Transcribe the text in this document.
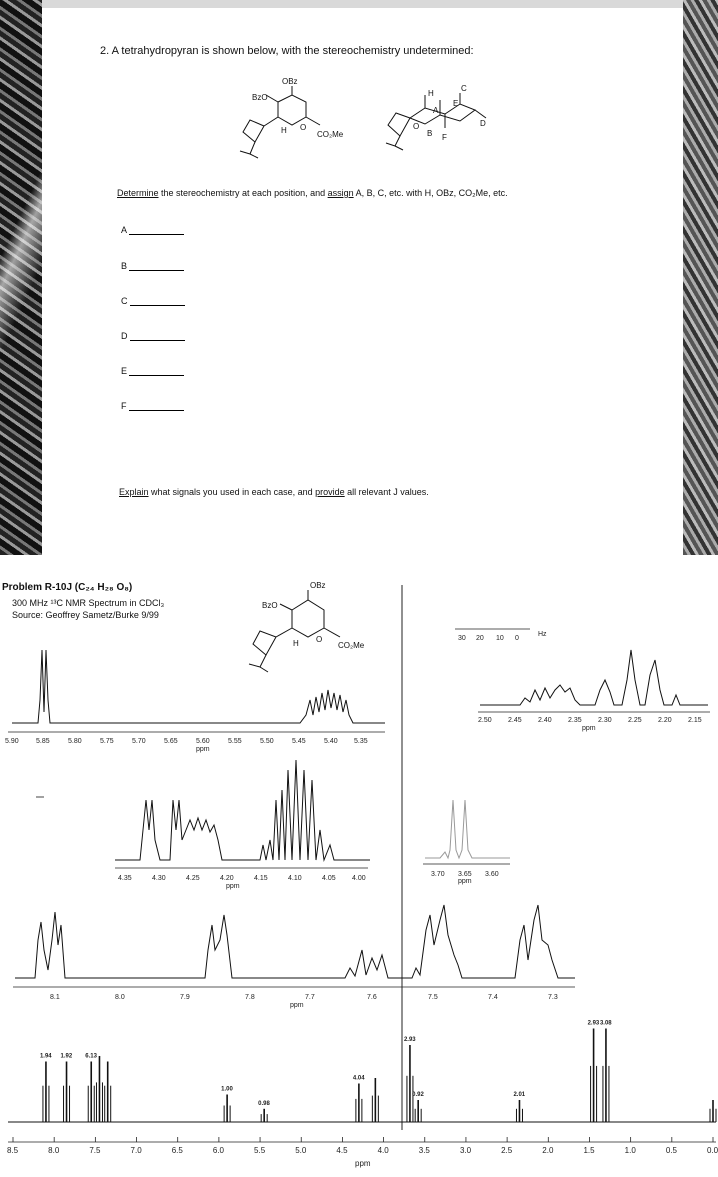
2. A tetrahydropyran is shown below, with the stereochemistry undetermined:
Determine the stereochemistry at each position, and assign A, B, C, etc. with H, OBz, CO₂Me, etc.
A
B
C
D
E
F
Explain what signals you used in each case, and provide all relevant J values.
Problem R-10J (C₂₄ H₂₈ O₈)
300 MHz ¹³C NMR Spectrum in CDCl₃
Source: Geoffrey Sametz/Burke 9/99
OBz
BzO
CO₂Me
H O
H
A
C
E
D
B F
O
OBz
BzO
CO₂Me
H O	30 20 10 0
Hz
5.90 5.85	5.80	5.75	5.70	5.65	5.60	5.55	5.50	5.45	5.40 5.35
ppm
2.50 2.45 2.40 2.35 2.30 2.25 2.20 2.15
ppm
4.35	4.30	4.25	4.20	4.15	4.10	4.05 4.00
ppm
3.70 3.65 3.60
ppm
8.1	8.0	7.9	7.8	7.7	7.6	7.5	7.4	7.3
ppm
1.94 1.92 6.13
1.00
0.98
4.04
2.93
0.92	2.01
2.93 3.08
8.5	8.0	7.5	7.0	6.5	6.0	5.5	5.0	4.5	4.0	3.5	3.0	2.5	2.0	1.5	1.0	0.5	0.0
ppm
